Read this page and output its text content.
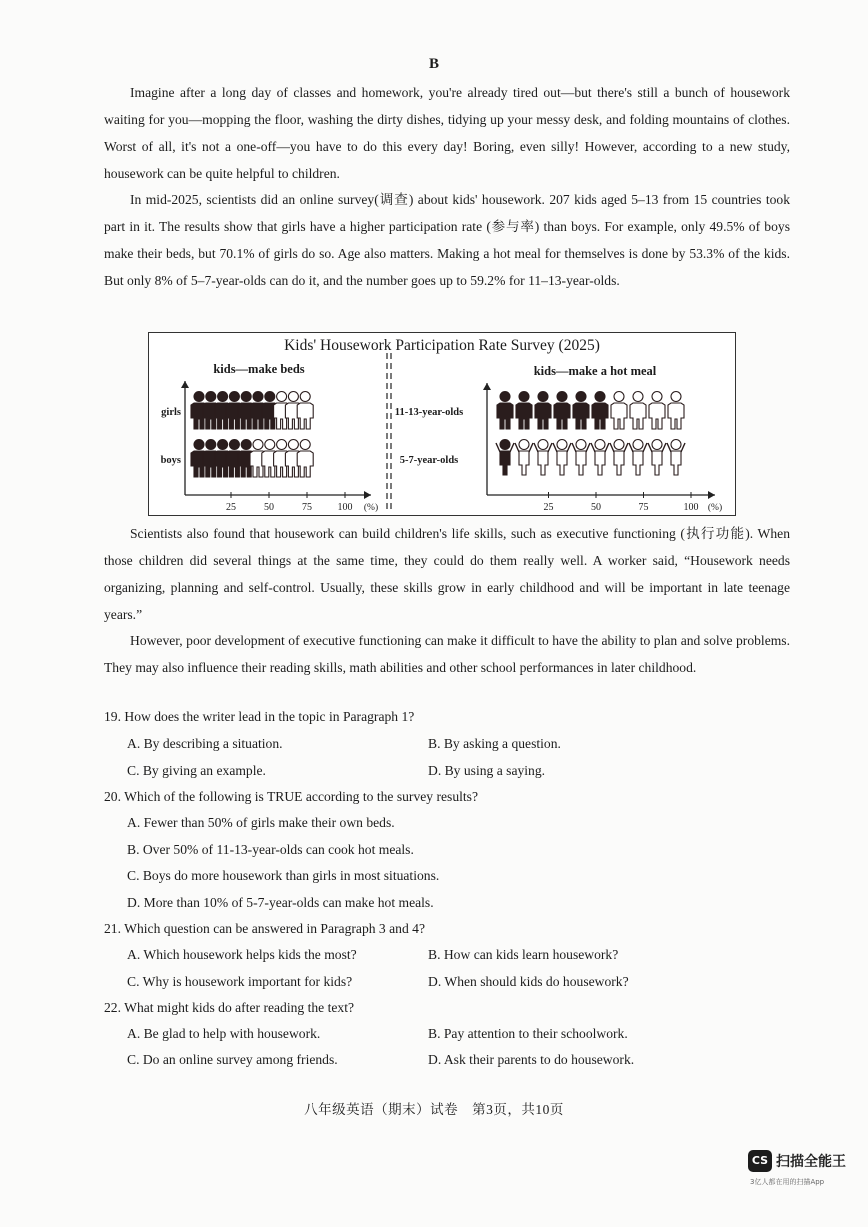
B

Imagine after a long day of classes and homework, you're already tired out—but there's still a bunch of housework waiting for you—mopping the floor, washing the dirty dishes, tidying up your messy desk, and folding mountains of clothes. Worst of all, it's not a one-off—you have to do this every day! Boring, even silly! However, according to a new study, housework can be quite helpful to children.

In mid-2025, scientists did an online survey(调查) about kids' housework. 207 kids aged 5–13 from 15 countries took part in it. The results show that girls have a higher participation rate (参与率) than boys. For example, only 49.5% of boys make their beds, but 70.1% of girls do so. Age also matters. Making a hot meal for themselves is done by 53.3% of the kids. But only 8% of 5–7-year-olds can do it, and the number goes up to 59.2% for 11–13-year-olds.

Kids' Housework Participation Rate Survey (2025)
kids—make beds
25	50	75	100 (%)
girls
boys
kids—make a hot meal
25	50	75	100 (%)
11-13-year-olds
5-7-year-olds

Scientists also found that housework can build children's life skills, such as executive functioning (执行功能). When those children did several things at the same time, they could do them really well. A worker said, “Housework needs organizing, planning and self-control. Usually, these skills grow in early childhood and will be important in late teenage years.”

However, poor development of executive functioning can make it difficult to have the ability to plan and solve problems. They may also influence their reading skills, math abilities and other school performances in later childhood.

19. How does the writer lead in the topic in Paragraph 1?
A. By describing a situation.	B. By asking a question.
C. By giving an example.	D. By using a saying.
20. Which of the following is TRUE according to the survey results?
A. Fewer than 50% of girls make their own beds.
B. Over 50% of 11-13-year-olds can cook hot meals.
C. Boys do more housework than girls in most situations.
D. More than 10% of 5-7-year-olds can make hot meals.
21. Which question can be answered in Paragraph 3 and 4?
A. Which housework helps kids the most?	B. How can kids learn housework?
C. Why is housework important for kids?	D. When should kids do housework?
22. What might kids do after reading the text?
A. Be glad to help with housework.	B. Pay attention to their schoolwork.
C. Do an online survey among friends.	D. Ask their parents to do housework.
八年级英语（期末）试卷　第3页，共10页
CS 扫描全能王
3亿人都在用的扫描App
